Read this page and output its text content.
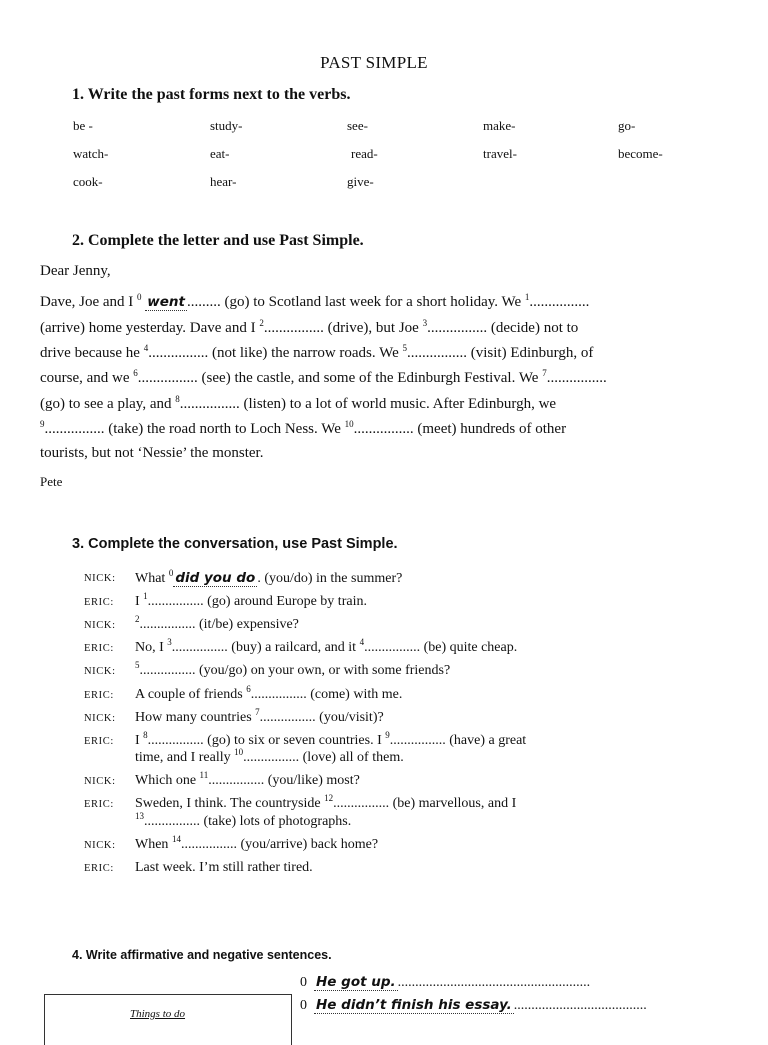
PAST SIMPLE
1. Write the past forms next to the verbs.
be -	study-	see-	make-	go-
watch-	eat-	read-	travel-	become-
cook-	hear-	give-
2. Complete the letter and use Past Simple.
Dear Jenny,
Dave, Joe and I $^0$ went ......... (go) to Scotland last week for a short holiday. We $^1$................
(arrive) home yesterday. Dave and I $^2$................ (drive), but Joe $^3$................ (decide) not to
drive because he $^4$................ (not like) the narrow roads. We $^5$................ (visit) Edinburgh, of
course, and we $^6$................ (see) the castle, and some of the Edinburgh Festival. We $^7$................
(go) to see a play, and $^8$................ (listen) to a lot of world music. After Edinburgh, we
$^9$................ (take) the road north to Loch Ness. We $^{10}$................ (meet) hundreds of other
tourists, but not ‘Nessie’ the monster.
Pete
3. Complete the conversation, use Past Simple.
NICK: What $^0$ did you do . (you/do) in the summer?
ERIC: I $^1$................ (go) around Europe by train.
NICK:
$^2$................ (it/be) expensive?
ERIC: No, I $^3$................ (buy) a railcard, and it $^4$................ (be) quite cheap.
NICK:
$^5$................ (you/go) on your own, or with some friends?
ERIC: A couple of friends $^6$................ (come) with me.
NICK: How many countries $^7$................ (you/visit)?
ERIC: I $^8$................ (go) to six or seven countries. I $^9$................ (have) a great
time, and I really $^{10}$................ (love) all of them.
NICK: Which one $^{11}$................ (you/like) most?
ERIC: Sweden, I think. The countryside $^{12}$................ (be) marvellous, and I
$^{13}$................ (take) lots of photographs.
NICK: When $^{14}$................ (you/arrive) back home?
ERIC: Last week. I’m still rather tired.
4. Write affirmative and negative sentences.
0 He got up. .......................................................
0 He didn’t finish his essay. ......................................
Things to do
